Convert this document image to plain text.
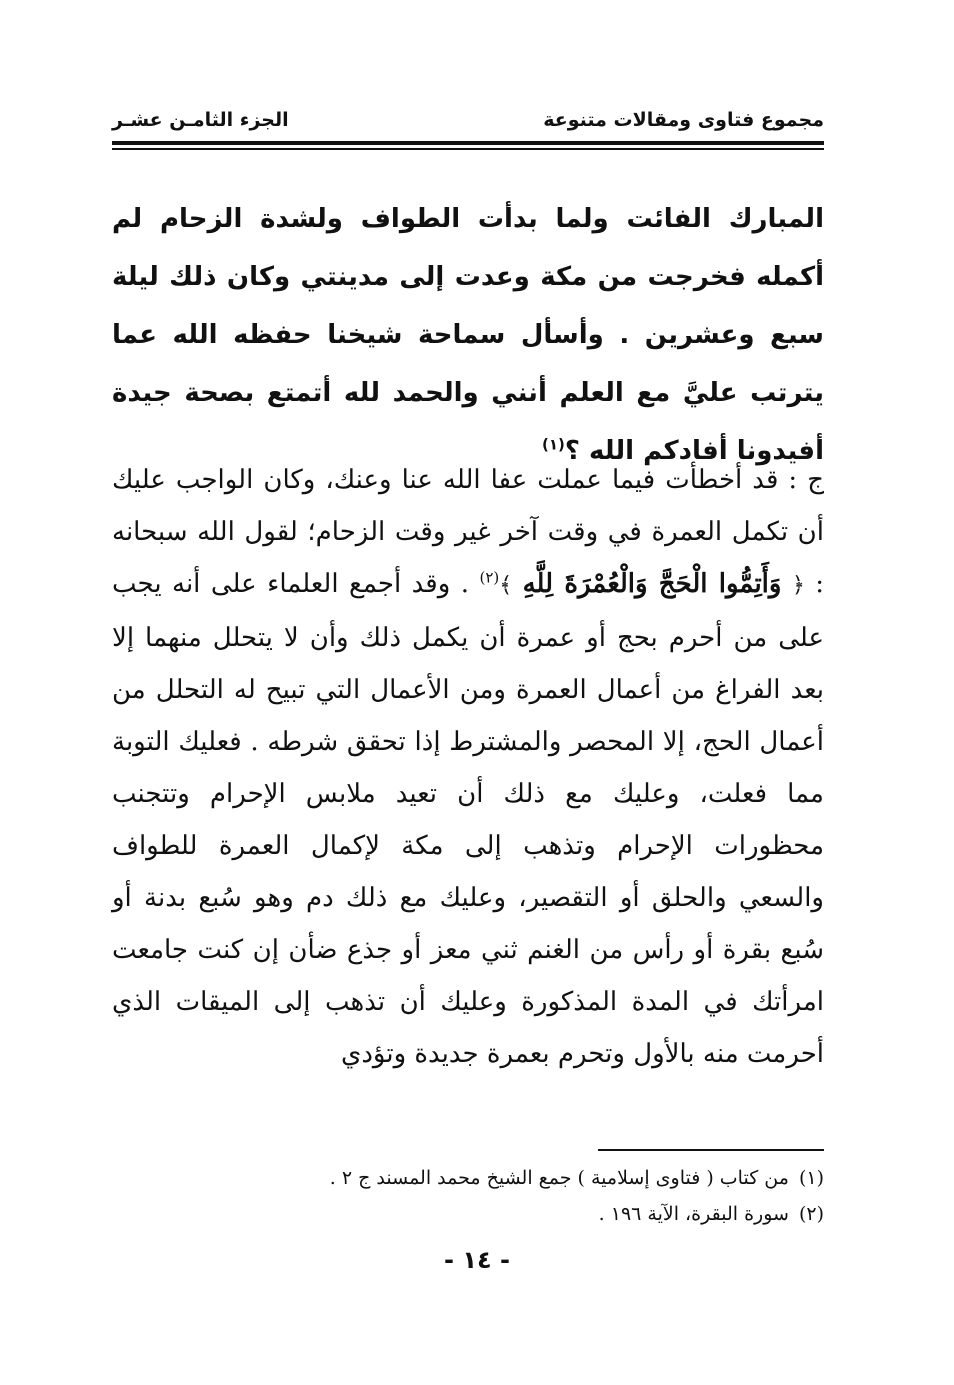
مجموع فتاوى ومقالات متنوعة
الجزء الثامـن عشـر
المبارك الفائت ولما بدأت الطواف ولشدة الزحام لم أكمله فخرجت من مكة وعدت إلى مدينتي وكان ذلك ليلة سبع وعشرين . وأسأل سماحة شيخنا حفظه الله عما يترتب عليَّ مع العلم أنني والحمد لله أتمتع بصحة جيدة أفيدونا أفادكم الله ؟$^{(١)}$
ج : قد أخطأت فيما عملت عفا الله عنا وعنك، وكان الواجب عليك أن تكمل العمرة في وقت آخر غير وقت الزحام؛ لقول الله سبحانه : ﴿ وَأَتِمُّوا الْحَجَّ وَالْعُمْرَةَ لِلَّهِ ﴾$^{(٢)}$ . وقد أجمع العلماء على أنه يجب على من أحرم بحج أو عمرة أن يكمل ذلك وأن لا يتحلل منهما إلا بعد الفراغ من أعمال العمرة ومن الأعمال التي تبيح له التحلل من أعمال الحج، إلا المحصر والمشترط إذا تحقق شرطه . فعليك التوبة مما فعلت، وعليك مع ذلك أن تعيد ملابس الإحرام وتتجنب محظورات الإحرام وتذهب إلى مكة لإكمال العمرة للطواف والسعي والحلق أو التقصير، وعليك مع ذلك دم وهو سُبع بدنة أو سُبع بقرة أو رأس من الغنم ثني معز أو جذع ضأن إن كنت جامعت امرأتك في المدة المذكورة وعليك أن تذهب إلى الميقات الذي أحرمت منه بالأول وتحرم بعمرة جديدة وتؤدي
(١)من كتاب ( فتاوى إسلامية ) جمع الشيخ محمد المسند ج ٢ .
(٢)سورة البقرة، الآية ١٩٦ .
- ١٤ -
